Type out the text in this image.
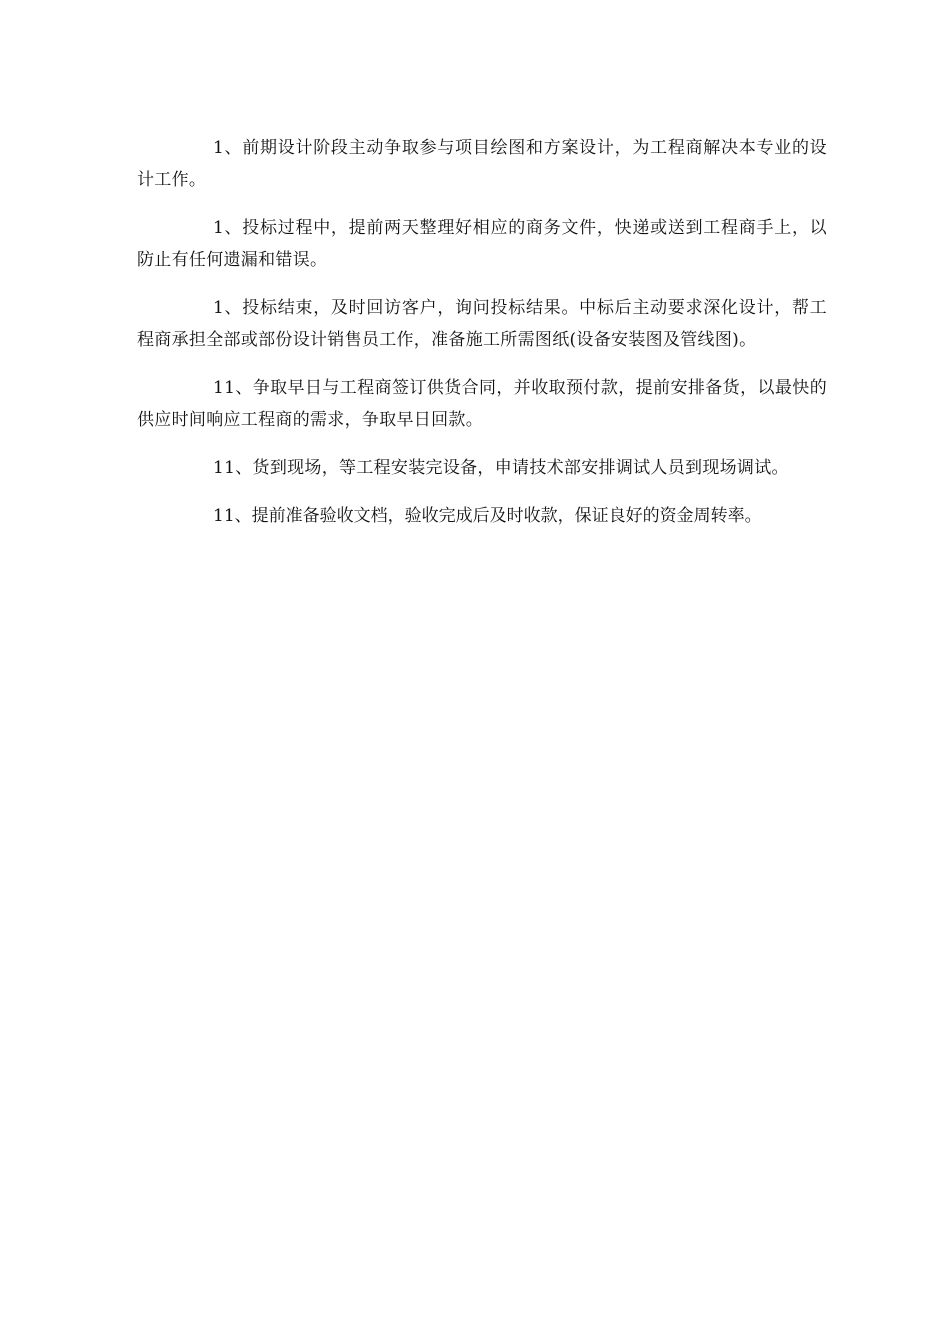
1、前期设计阶段主动争取参与项目绘图和方案设计，为工程商解决本专业的设计工作。

1、投标过程中，提前两天整理好相应的商务文件，快递或送到工程商手上，以防止有任何遗漏和错误。

1、投标结束，及时回访客户，询问投标结果。中标后主动要求深化设计，帮工程商承担全部或部份设计销售员工作，准备施工所需图纸(设备安装图及管线图)。

11、争取早日与工程商签订供货合同，并收取预付款，提前安排备货，以最快的供应时间响应工程商的需求，争取早日回款。

11、货到现场，等工程安装完设备，申请技术部安排调试人员到现场调试。

11、提前准备验收文档，验收完成后及时收款，保证良好的资金周转率。
